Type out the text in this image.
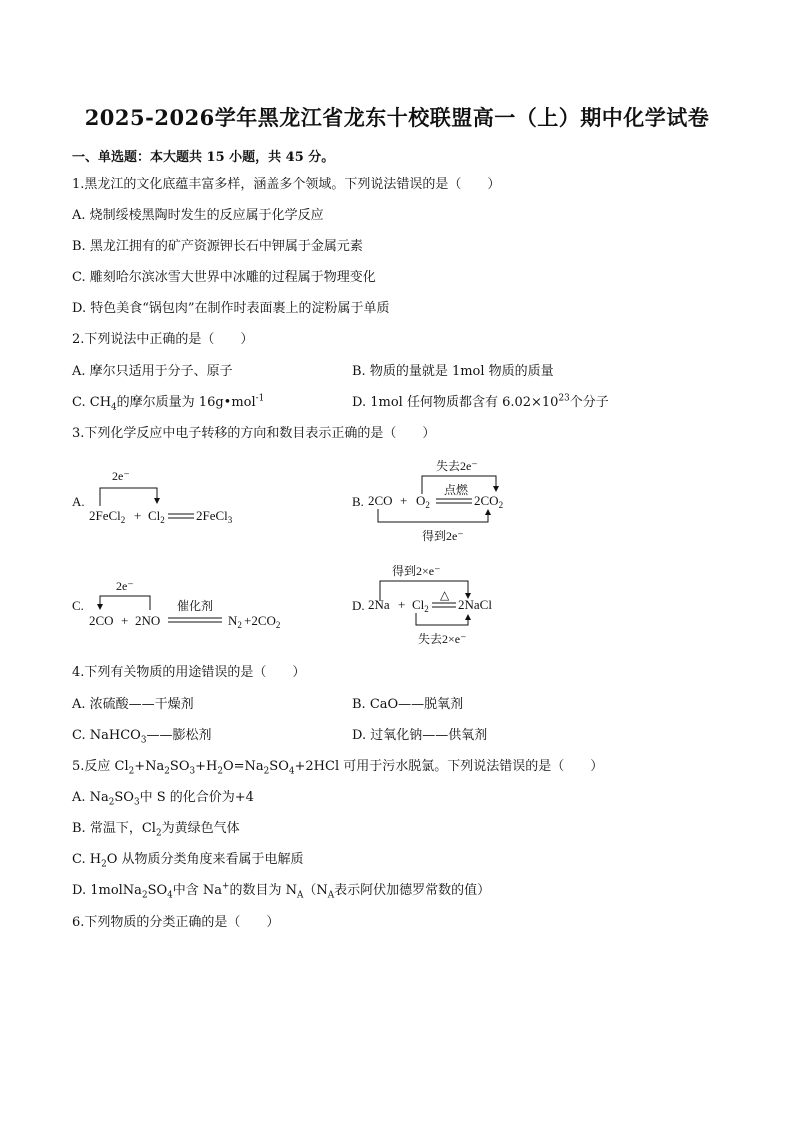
2025-2026学年黑龙江省龙东十校联盟高一（上）期中化学试卷
一、单选题：本大题共 15 小题，共 45 分。
1.黑龙江的文化底蕴丰富多样，涵盖多个领域。下列说法错误的是（　　）
A. 烧制绥棱黑陶时发生的反应属于化学反应
B. 黑龙江拥有的矿产资源钾长石中钾属于金属元素
C. 雕刻哈尔滨冰雪大世界中冰雕的过程属于物理变化
D. 特色美食“锅包肉”在制作时表面裹上的淀粉属于单质
2.下列说法中正确的是（　　）
A. 摩尔只适用于分子、原子	B. 物质的量就是 1mol 物质的质量
C. $CH_4$的摩尔质量为 16g•mol$^{-1}$	D. 1mol 任何物质都含有 $6.02\times 10^{23}$个分子
3.下列化学反应中电子转移的方向和数目表示正确的是（　　）
A.
2e⁻
2FeCl$_2$ + $Cl_2$ 2FeCl$_3$
B.
失去2e⁻
$2CO + O_2$
点燃
$2CO_2$
得到2e⁻
C.
2e⁻
2CO + 2NO
催化剂
$N_2 +2CO_2$
D.
得到2×e⁻
$2Na + Cl_2$
△
2NaCl
失去2×e⁻
4.下列有关物质的用途错误的是（　　）
A. 浓硫酸——干燥剂	B. CaO——脱氧剂
C. NaHCO$_3$——膨松剂	D. 过氧化钠——供氧剂
5.反应 $Cl_2+Na_2SO_3+H_2O=Na_2SO_4+2HCl$ 可用于污水脱氯。下列说法错误的是（　　）
A. $Na_2SO_3$中 S 的化合价为+4
B. 常温下，$Cl_2$为黄绿色气体
C. $H_2O$ 从物质分类角度来看属于电解质
D. $1molNa_2SO_4$中含 Na+的数目为 $N_A(N_A$表示阿伏加德罗常数的值）
6.下列物质的分类正确的是（　　）
